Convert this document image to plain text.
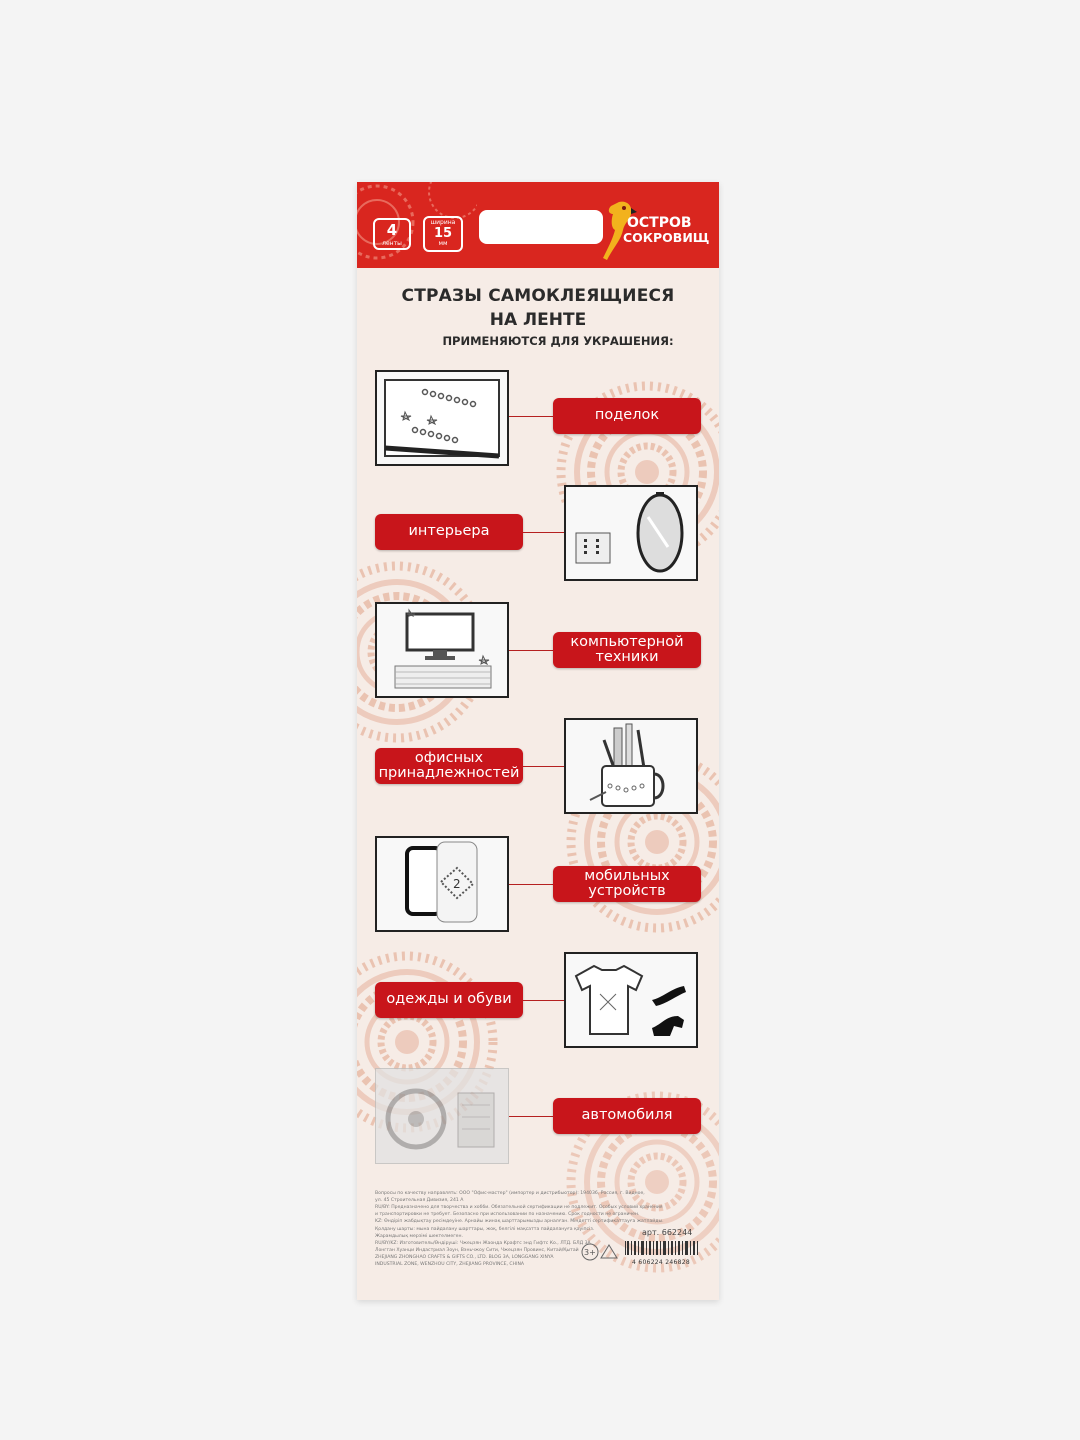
4
ленты
ширина
15
мм
ОСТРОВ
СОКРОВИЩ
СТРАЗЫ САМОКЛЕЯЩИЕСЯ
НА ЛЕНТЕ
ПРИМЕНЯЮТСЯ ДЛЯ УКРАШЕНИЯ:
поделок
интерьера
компьютерной
техники
офисных
принадлежностей
2
мобильных
устройств
одежды и обуви
автомобиля
Вопросы по качеству направлять: ООО "Офис-мастер" (импортер и дистрибьютор): 194036, Россия, г. Видное,
ул. 45 Строительная Дивизия, 241 А
RU/BY: Предназначено для творчества и хобби. Обязательной сертификации не подлежит. Особых условий хранения
и транспортировки не требует. Безопасно при использовании по назначению. Срок годности не ограничен.
KZ: Өндіріп жабдықтау ресімдеуіне. Арнайы жинақ шарттарымызды арналған. Міндетті сертификаттауға жатпайды.
Қолдану шарты: мына пайдалану шарттары, жоқ, белгілі мақсатта пайдалануға қауіпсіз.
Жарамдылық мерзімі шектелмеген.
RU/BY/KZ: Изготовитель/Өндіруші: Чжецзян Жаонда Крафтс энд Гифтс Ко., ЛТД. БЛД 3А
Лонгган Хуанци Индастриал Зоун, Вэньчжоу Сити, Чжецзян Провинс, Китай/Қытай
ZHEJIANG ZHONGHAO CRAFTS & GIFTS CO., LTD. BLOG 3A, LONGGANG XINYA
INDUSTRIAL ZONE, WENZHOU CITY, ZHEJIANG PROVINCE, CHINA
арт. 662244
3+
4 606224 246828
